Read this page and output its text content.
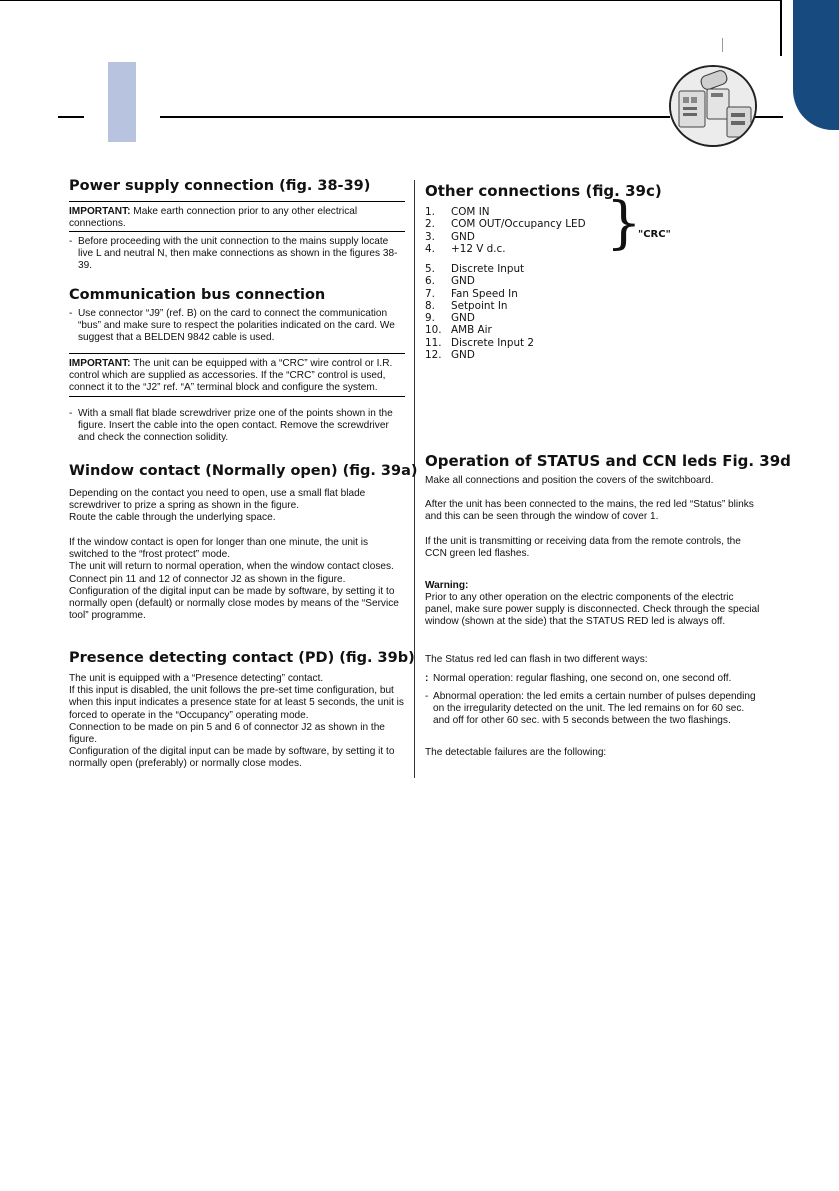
Power supply connection (fig. 38-39)
IMPORTANT: Make earth connection prior to any other electrical connections.
- Before proceeding with the unit connection to the mains supply locate live L and neutral N, then make connections as shown in the figures 38-39.
Communication bus connection
- Use connector “J9” (ref. B) on the card to connect the communication “bus” and make sure to respect the polarities indicated on the card. We suggest that a BELDEN 9842 cable is used.
IMPORTANT: The unit can be equipped with a “CRC” wire control or I.R. control which are supplied as accessories. If the “CRC” control is used, connect it to the “J2” ref. “A” terminal block and configure the system.
- With a small flat blade screwdriver prize one of the points shown in the figure. Insert the cable into the open contact. Remove the screwdriver and check the connection solidity.
Window contact (Normally open) (fig. 39a)
Depending on the contact you need to open, use a small flat blade screwdriver to prize a spring as shown in the figure.
Route the cable through the underlying space.
If the window contact is open for longer than one minute, the unit is switched to the “frost protect” mode.
The unit will return to normal operation, when the window contact closes. Connect pin 11 and 12 of connector J2 as shown in the figure.
Configuration of the digital input can be made by software, by setting it to normally open (default) or normally close modes by means of the “Service tool” programme.
Presence detecting contact (PD) (fig. 39b)
The unit is equipped with a “Presence detecting” contact.
If this input is disabled, the unit follows the pre-set time configuration, but when this input indicates a presence state for at least 5 seconds, the unit is forced to operate in the “Occupancy” operating mode.
Connection to be made on pin 5 and 6 of connector J2 as shown in the figure.
Configuration of the digital input can be made by software, by setting it to normally open (preferably) or normally close modes.
Other connections (fig. 39c)
1. COM IN
2. COM OUT/Occupancy LED
3. GND
4. +12 V d.c.	}
"CRC"
5. Discrete Input
6. GND
7. Fan Speed In
8. Setpoint In
9. GND
10. AMB Air
11. Discrete Input 2
12. GND
Operation of STATUS and CCN leds Fig. 39d
Make all connections and position the covers of the switchboard.
After the unit has been connected to the mains, the red led “Status” blinks and this can be seen through the window of cover 1.
If the unit is transmitting or receiving data from the remote controls, the CCN green led flashes.
Warning:
Prior to any other operation on the electric components of the electric panel, make sure power supply is disconnected. Check through the special window (shown at the side) that the STATUS RED led is always off.
The Status red led can flash in two different ways:
: Normal operation: regular flashing, one second on, one second off.
- Abnormal operation: the led emits a certain number of pulses depending on the irregularity detected on the unit. The led remains on for 60 sec. and off for other 60 sec. with 5 seconds between the two flashings.
The detectable failures are the following:
